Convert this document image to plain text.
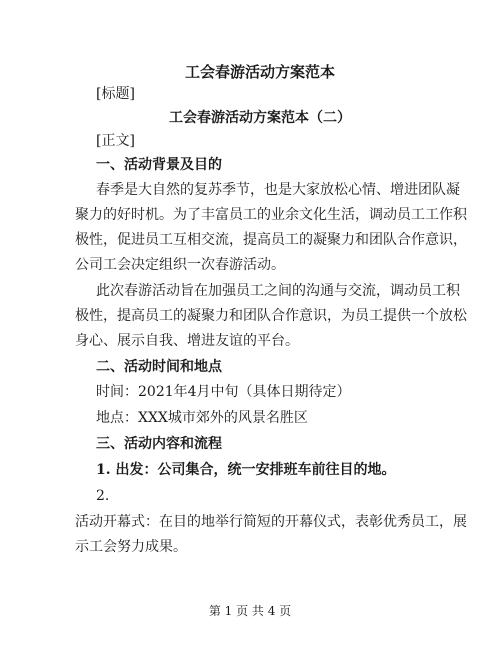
工会春游活动方案范本
[标题]
工会春游活动方案范本（二）
[正文]
一、活动背景及目的
春季是大自然的复苏季节，也是大家放松心情、增进团队凝
聚力的好时机。为了丰富员工的业余文化生活，调动员工工作积
极性，促进员工互相交流，提高员工的凝聚力和团队合作意识，
公司工会决定组织一次春游活动。
此次春游活动旨在加强员工之间的沟通与交流，调动员工积
极性，提高员工的凝聚力和团队合作意识，为员工提供一个放松
身心、展示自我、增进友谊的平台。
二、活动时间和地点
时间：2021年4月中旬（具体日期待定）
地点：XXX城市郊外的风景名胜区
三、活动内容和流程
1. 出发：公司集合，统一安排班车前往目的地。
2.
活动开幕式：在目的地举行简短的开幕仪式，表彰优秀员工，展
示工会努力成果。
第 1 页 共 4 页
